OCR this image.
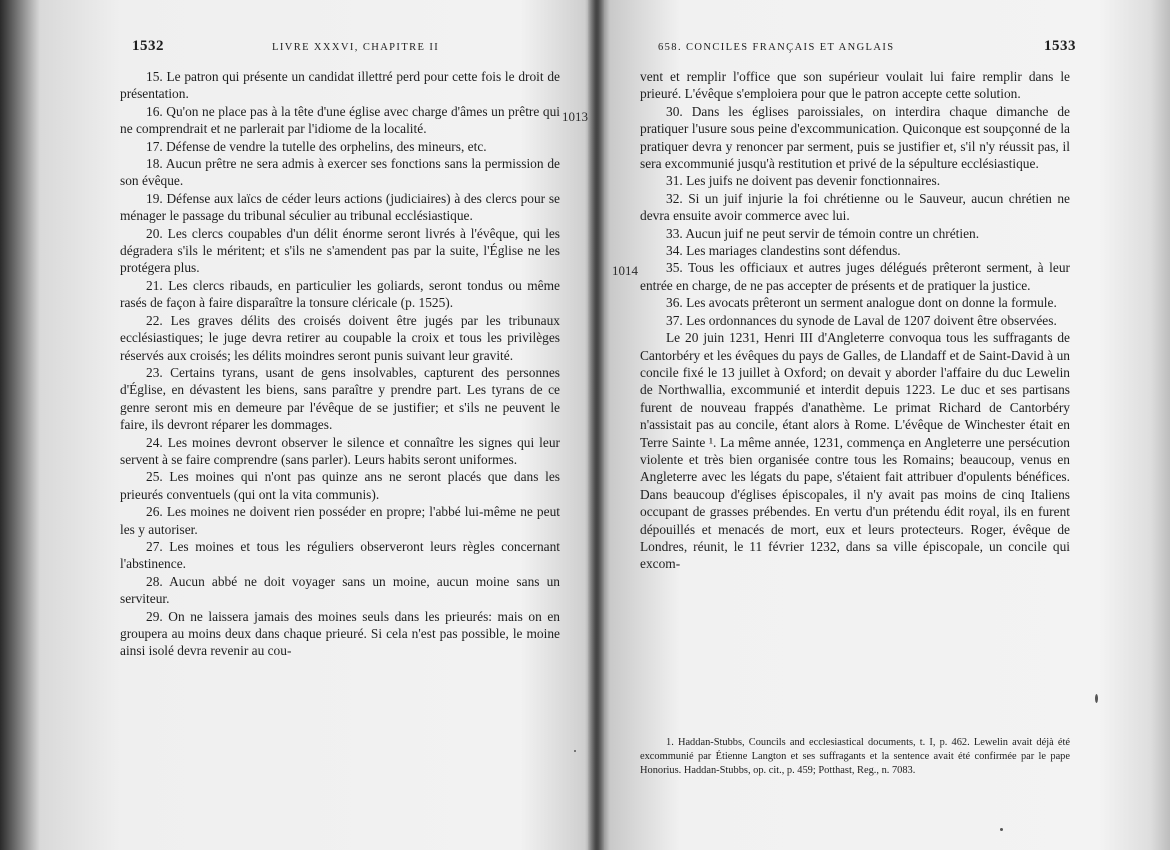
1532	LIVRE XXXVI, CHAPITRE II

15. Le patron qui présente un candidat illettré perd pour cette fois le droit de présentation.

16. Qu'on ne place pas à la tête d'une église avec charge d'âmes un prêtre qui ne comprendrait et ne parlerait par l'idiome de la localité.

17. Défense de vendre la tutelle des orphelins, des mineurs, etc.

18. Aucun prêtre ne sera admis à exercer ses fonctions sans la permission de son évêque.

19. Défense aux laïcs de céder leurs actions (judiciaires) à des clercs pour se ménager le passage du tribunal séculier au tribunal ecclésiastique.

20. Les clercs coupables d'un délit énorme seront livrés à l'évêque, qui les dégradera s'ils le méritent; et s'ils ne s'amendent pas par la suite, l'Église ne les protégera plus.

21. Les clercs ribauds, en particulier les goliards, seront tondus ou même rasés de façon à faire disparaître la tonsure cléricale (p. 1525).

22. Les graves délits des croisés doivent être jugés par les tribunaux ecclésiastiques; le juge devra retirer au coupable la croix et tous les privilèges réservés aux croisés; les délits moindres seront punis suivant leur gravité.

23. Certains tyrans, usant de gens insolvables, capturent des personnes d'Église, en dévastent les biens, sans paraître y prendre part. Les tyrans de ce genre seront mis en demeure par l'évêque de se justifier; et s'ils ne peuvent le faire, ils devront réparer les dommages.

24. Les moines devront observer le silence et connaître les signes qui leur servent à se faire comprendre (sans parler). Leurs habits seront uniformes.

25. Les moines qui n'ont pas quinze ans ne seront placés que dans les prieurés conventuels (qui ont la vita communis).

26. Les moines ne doivent rien posséder en propre; l'abbé lui-même ne peut les y autoriser.

27. Les moines et tous les réguliers observeront leurs règles concernant l'abstinence.

28. Aucun abbé ne doit voyager sans un moine, aucun moine sans un serviteur.

29. On ne laissera jamais des moines seuls dans les prieurés: mais on en groupera au moins deux dans chaque prieuré. Si cela n'est pas possible, le moine ainsi isolé devra revenir au cou-

1013
658. CONCILES FRANÇAIS ET ANGLAIS	1533

vent et remplir l'office que son supérieur voulait lui faire remplir dans le prieuré. L'évêque s'emploiera pour que le patron accepte cette solution.

30. Dans les églises paroissiales, on interdira chaque dimanche de pratiquer l'usure sous peine d'excommunication. Quiconque est soupçonné de la pratiquer devra y renoncer par serment, puis se justifier et, s'il n'y réussit pas, il sera excommunié jusqu'à restitution et privé de la sépulture ecclésiastique.

31. Les juifs ne doivent pas devenir fonctionnaires.

32. Si un juif injurie la foi chrétienne ou le Sauveur, aucun chrétien ne devra ensuite avoir commerce avec lui.

33. Aucun juif ne peut servir de témoin contre un chrétien.

34. Les mariages clandestins sont défendus.

35. Tous les officiaux et autres juges délégués prêteront serment, à leur entrée en charge, de ne pas accepter de présents et de pratiquer la justice.

36. Les avocats prêteront un serment analogue dont on donne la formule.

37. Les ordonnances du synode de Laval de 1207 doivent être observées.

Le 20 juin 1231, Henri III d'Angleterre convoqua tous les suffragants de Cantorbéry et les évêques du pays de Galles, de Llandaff et de Saint-David à un concile fixé le 13 juillet à Oxford; on devait y aborder l'affaire du duc Lewelin de Northwallia, excommunié et interdit depuis 1223. Le duc et ses partisans furent de nouveau frappés d'anathème. Le primat Richard de Cantorbéry n'assistait pas au concile, étant alors à Rome. L'évêque de Winchester était en Terre Sainte ¹. La même année, 1231, commença en Angleterre une persécution violente et très bien organisée contre tous les Romains; beaucoup, venus en Angleterre avec les légats du pape, s'étaient fait attribuer d'opulents bénéfices. Dans beaucoup d'églises épiscopales, il n'y avait pas moins de cinq Italiens occupant de grasses prébendes. En vertu d'un prétendu édit royal, ils en furent dépouillés et menacés de mort, eux et leurs protecteurs. Roger, évêque de Londres, réunit, le 11 février 1232, dans sa ville épiscopale, un concile qui excom-

1. Haddan-Stubbs, Councils and ecclesiastical documents, t. I, p. 462. Lewelin avait déjà été excommunié par Étienne Langton et ses suffragants et la sentence avait été confirmée par le pape Honorius. Haddan-Stubbs, op. cit., p. 459; Potthast, Reg., n. 7083.

1014
